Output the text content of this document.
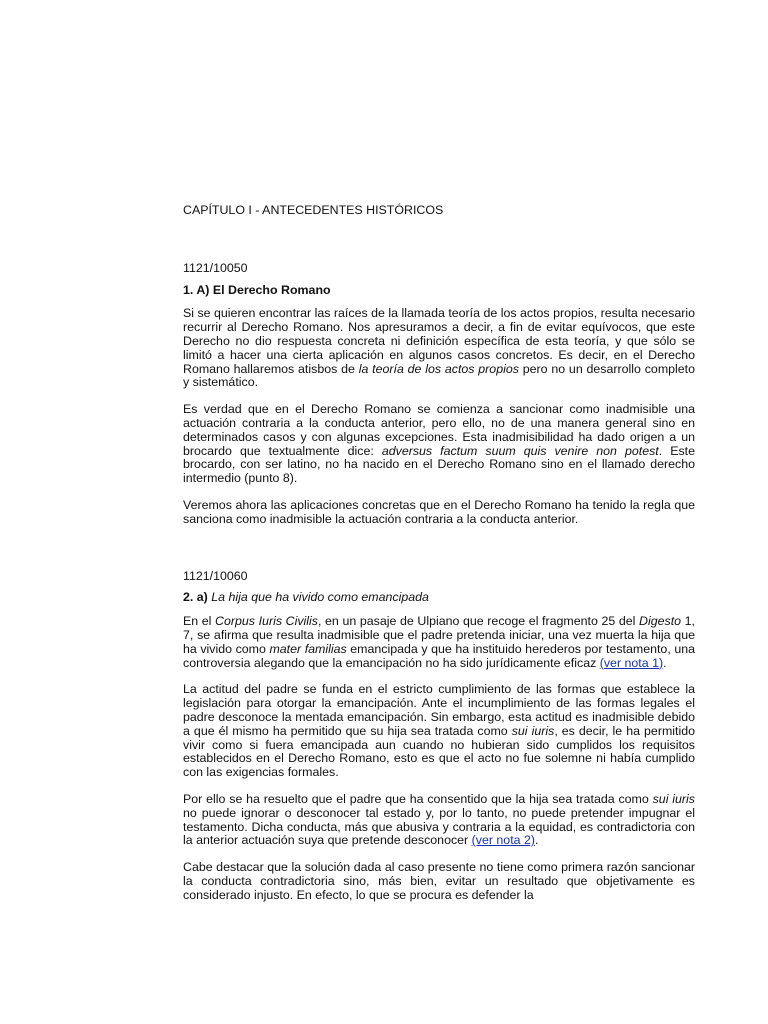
CAPÍTULO I - ANTECEDENTES HISTÓRICOS
1121/10050
1. A) El Derecho Romano

Si se quieren encontrar las raíces de la llamada teoría de los actos propios, resulta necesario recurrir al Derecho Romano. Nos apresuramos a decir, a fin de evitar equívocos, que este Derecho no dio respuesta concreta ni definición específica de esta teoría, y que sólo se limitó a hacer una cierta aplicación en algunos casos concretos. Es decir, en el Derecho Romano hallaremos atisbos de la teoría de los actos propios pero no un desarrollo completo y sistemático.

Es verdad que en el Derecho Romano se comienza a sancionar como inadmisible una actuación contraria a la conducta anterior, pero ello, no de una manera general sino en determinados casos y con algunas excepciones. Esta inadmisibilidad ha dado origen a un brocardo que textualmente dice: adversus factum suum quis venire non potest. Este brocardo, con ser latino, no ha nacido en el Derecho Romano sino en el llamado derecho intermedio (punto 8).

Veremos ahora las aplicaciones concretas que en el Derecho Romano ha tenido la regla que sanciona como inadmisible la actuación contraria a la conducta anterior.

1121/10060
2. a) La hija que ha vivido como emancipada

En el Corpus Iuris Civilis, en un pasaje de Ulpiano que recoge el fragmento 25 del Digesto 1, 7, se afirma que resulta inadmisible que el padre pretenda iniciar, una vez muerta la hija que ha vivido como mater familias emancipada y que ha instituido herederos por testamento, una controversia alegando que la emancipación no ha sido jurídicamente eficaz (ver nota 1).

La actitud del padre se funda en el estricto cumplimiento de las formas que establece la legislación para otorgar la emancipación. Ante el incumplimiento de las formas legales el padre desconoce la mentada emancipación. Sin embargo, esta actitud es inadmisible debido a que él mismo ha permitido que su hija sea tratada como sui iuris, es decir, le ha permitido vivir como si fuera emancipada aun cuando no hubieran sido cumplidos los requisitos establecidos en el Derecho Romano, esto es que el acto no fue solemne ni había cumplido con las exigencias formales.

Por ello se ha resuelto que el padre que ha consentido que la hija sea tratada como sui iuris no puede ignorar o desconocer tal estado y, por lo tanto, no puede pretender impugnar el testamento. Dicha conducta, más que abusiva y contraria a la equidad, es contradictoria con la anterior actuación suya que pretende desconocer (ver nota 2).

Cabe destacar que la solución dada al caso presente no tiene como primera razón sancionar la conducta contradictoria sino, más bien, evitar un resultado que objetivamente es considerado injusto. En efecto, lo que se procura es defender la
